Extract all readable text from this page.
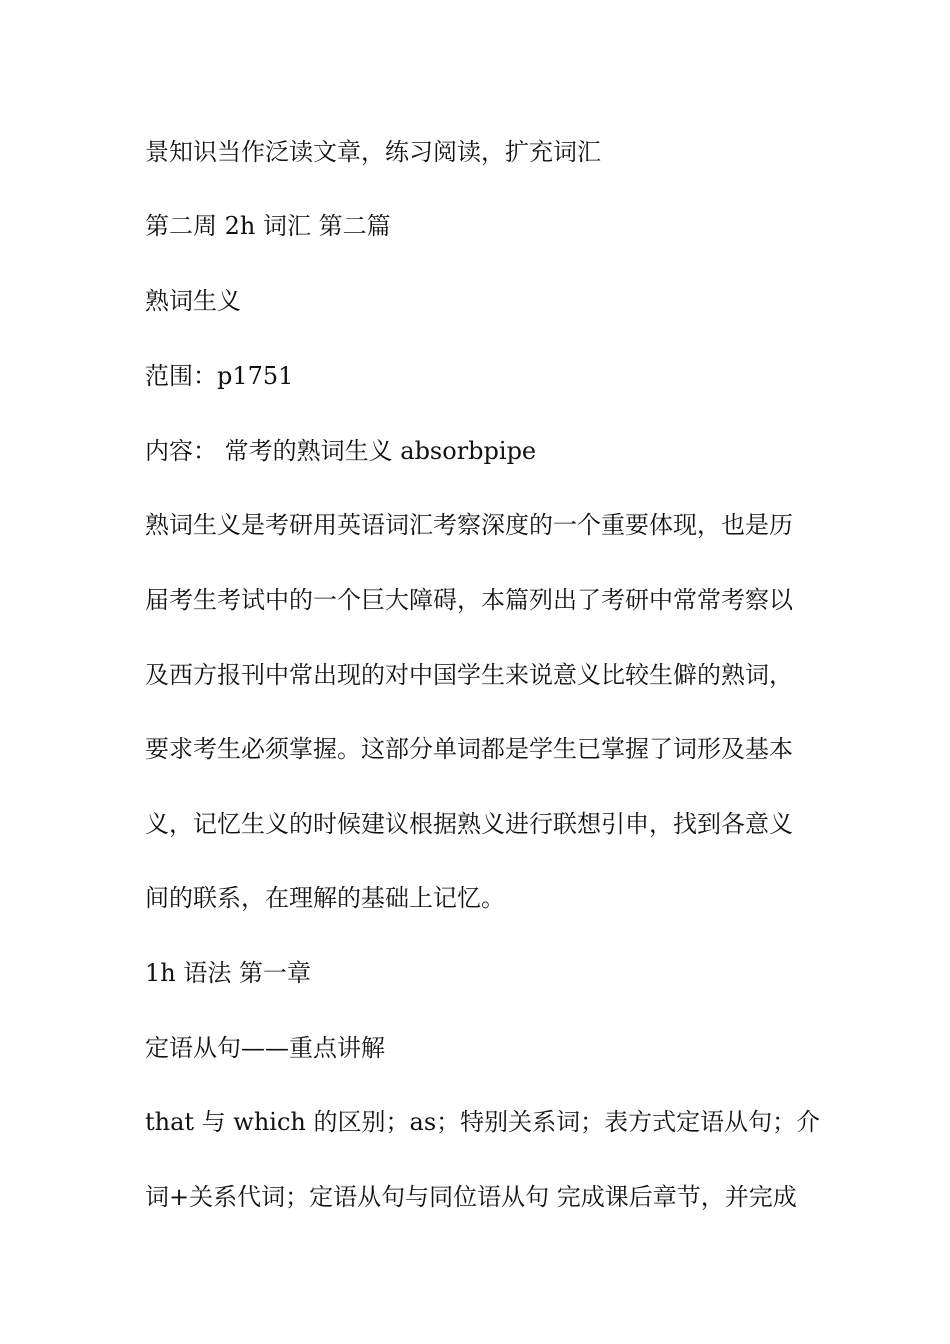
景知识当作泛读文章，练习阅读，扩充词汇
第二周 2h 词汇 第二篇
熟词生义
范围：p1751
内容： 常考的熟词生义 absorbpipe
熟词生义是考研用英语词汇考察深度的一个重要体现，也是历
届考生考试中的一个巨大障碍，本篇列出了考研中常常考察以
及西方报刊中常出现的对中国学生来说意义比较生僻的熟词，
要求考生必须掌握。这部分单词都是学生已掌握了词形及基本
义，记忆生义的时候建议根据熟义进行联想引申，找到各意义
间的联系，在理解的基础上记忆。
1h 语法 第一章
定语从句——重点讲解
that 与 which 的区别；as；特别关系词；表方式定语从句；介
词+关系代词；定语从句与同位语从句 完成课后章节，并完成
